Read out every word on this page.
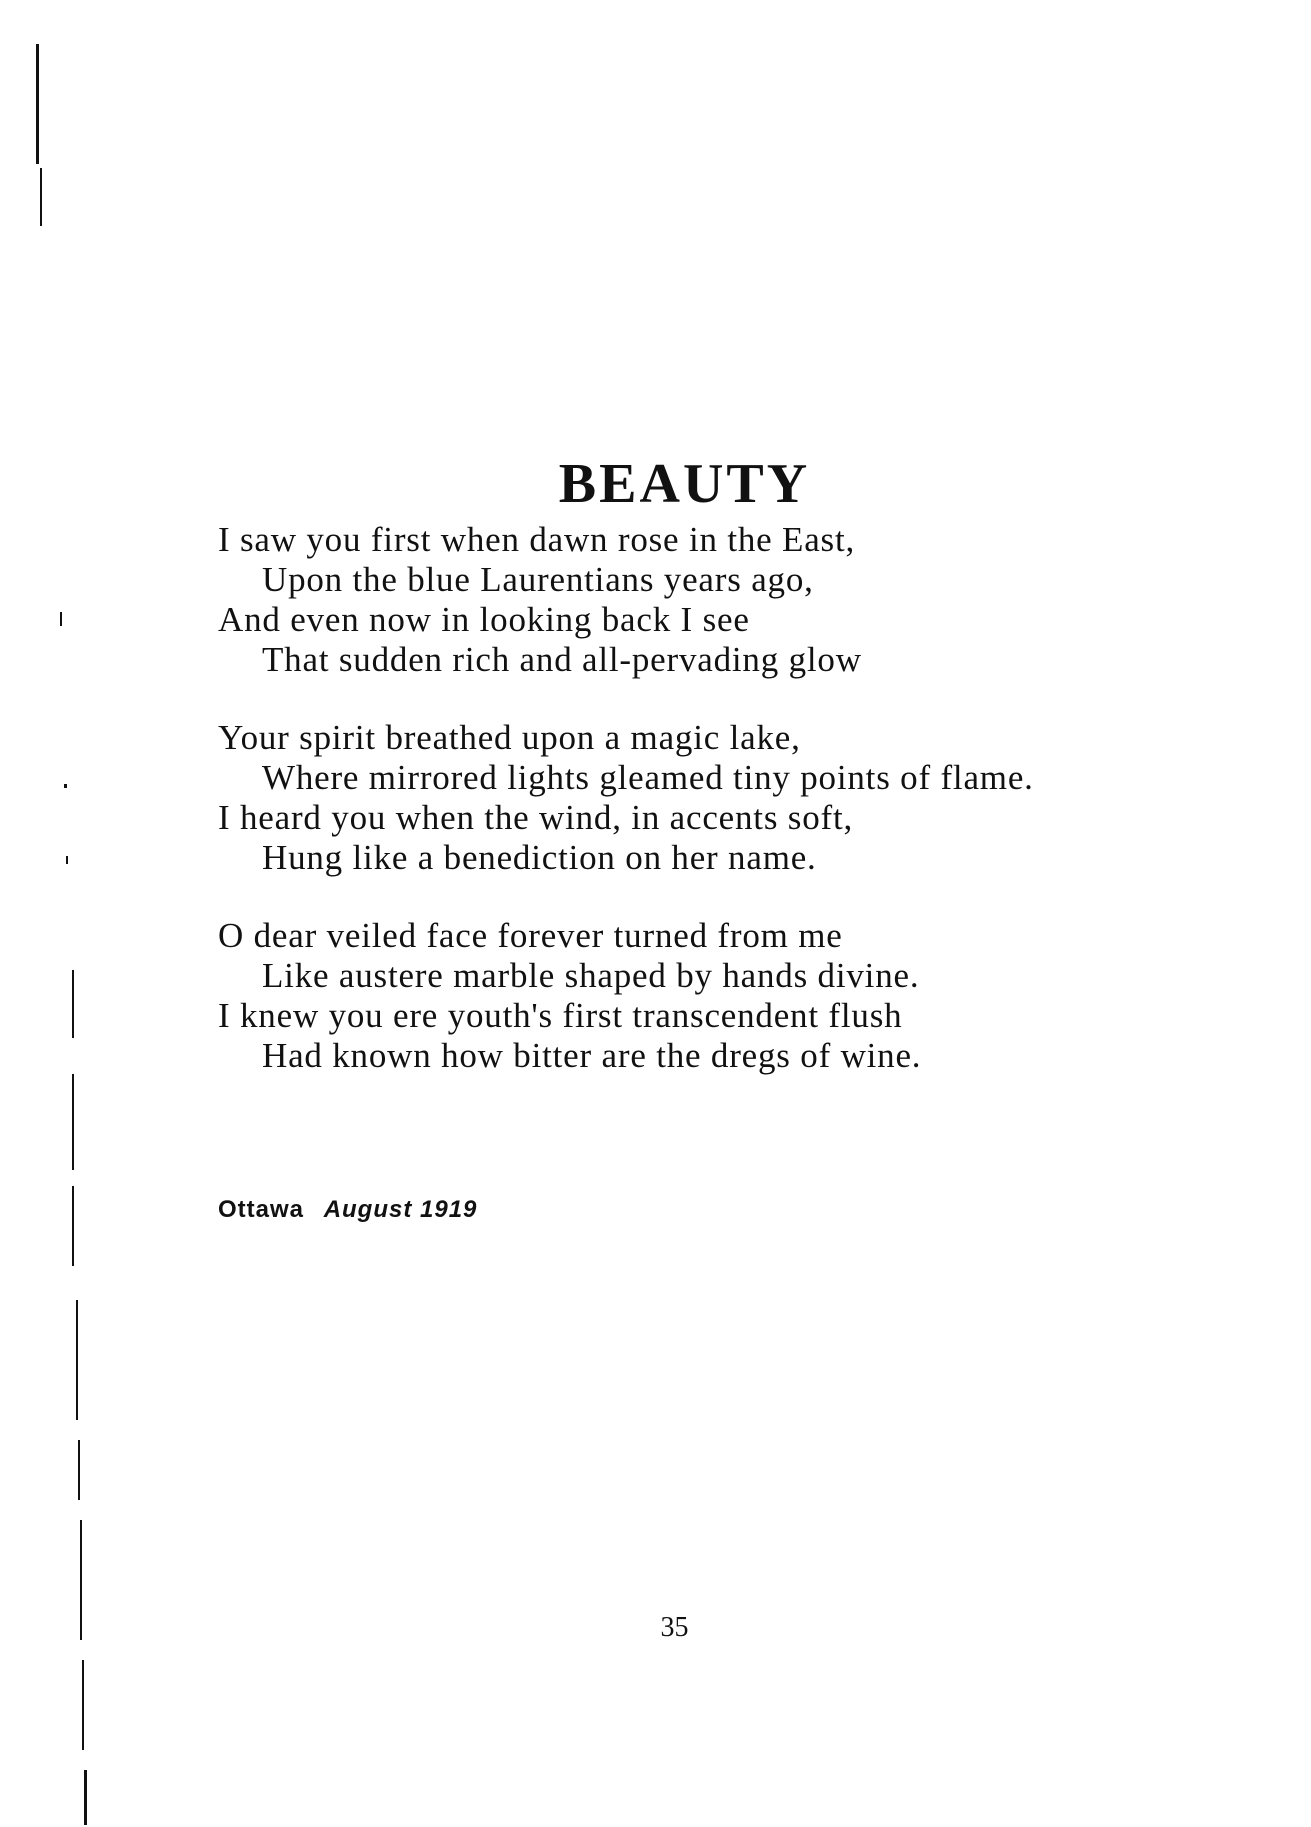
BEAUTY
I saw you first when dawn rose in the East,
Upon the blue Laurentians years ago,
And even now in looking back I see
That sudden rich and all-pervading glow
Your spirit breathed upon a magic lake,
Where mirrored lights gleamed tiny points of flame.
I heard you when the wind, in accents soft,
Hung like a benediction on her name.
O dear veiled face forever turned from me
Like austere marble shaped by hands divine.
I knew you ere youth's first transcendent flush
Had known how bitter are the dregs of wine.
Ottawa August 1919
35
